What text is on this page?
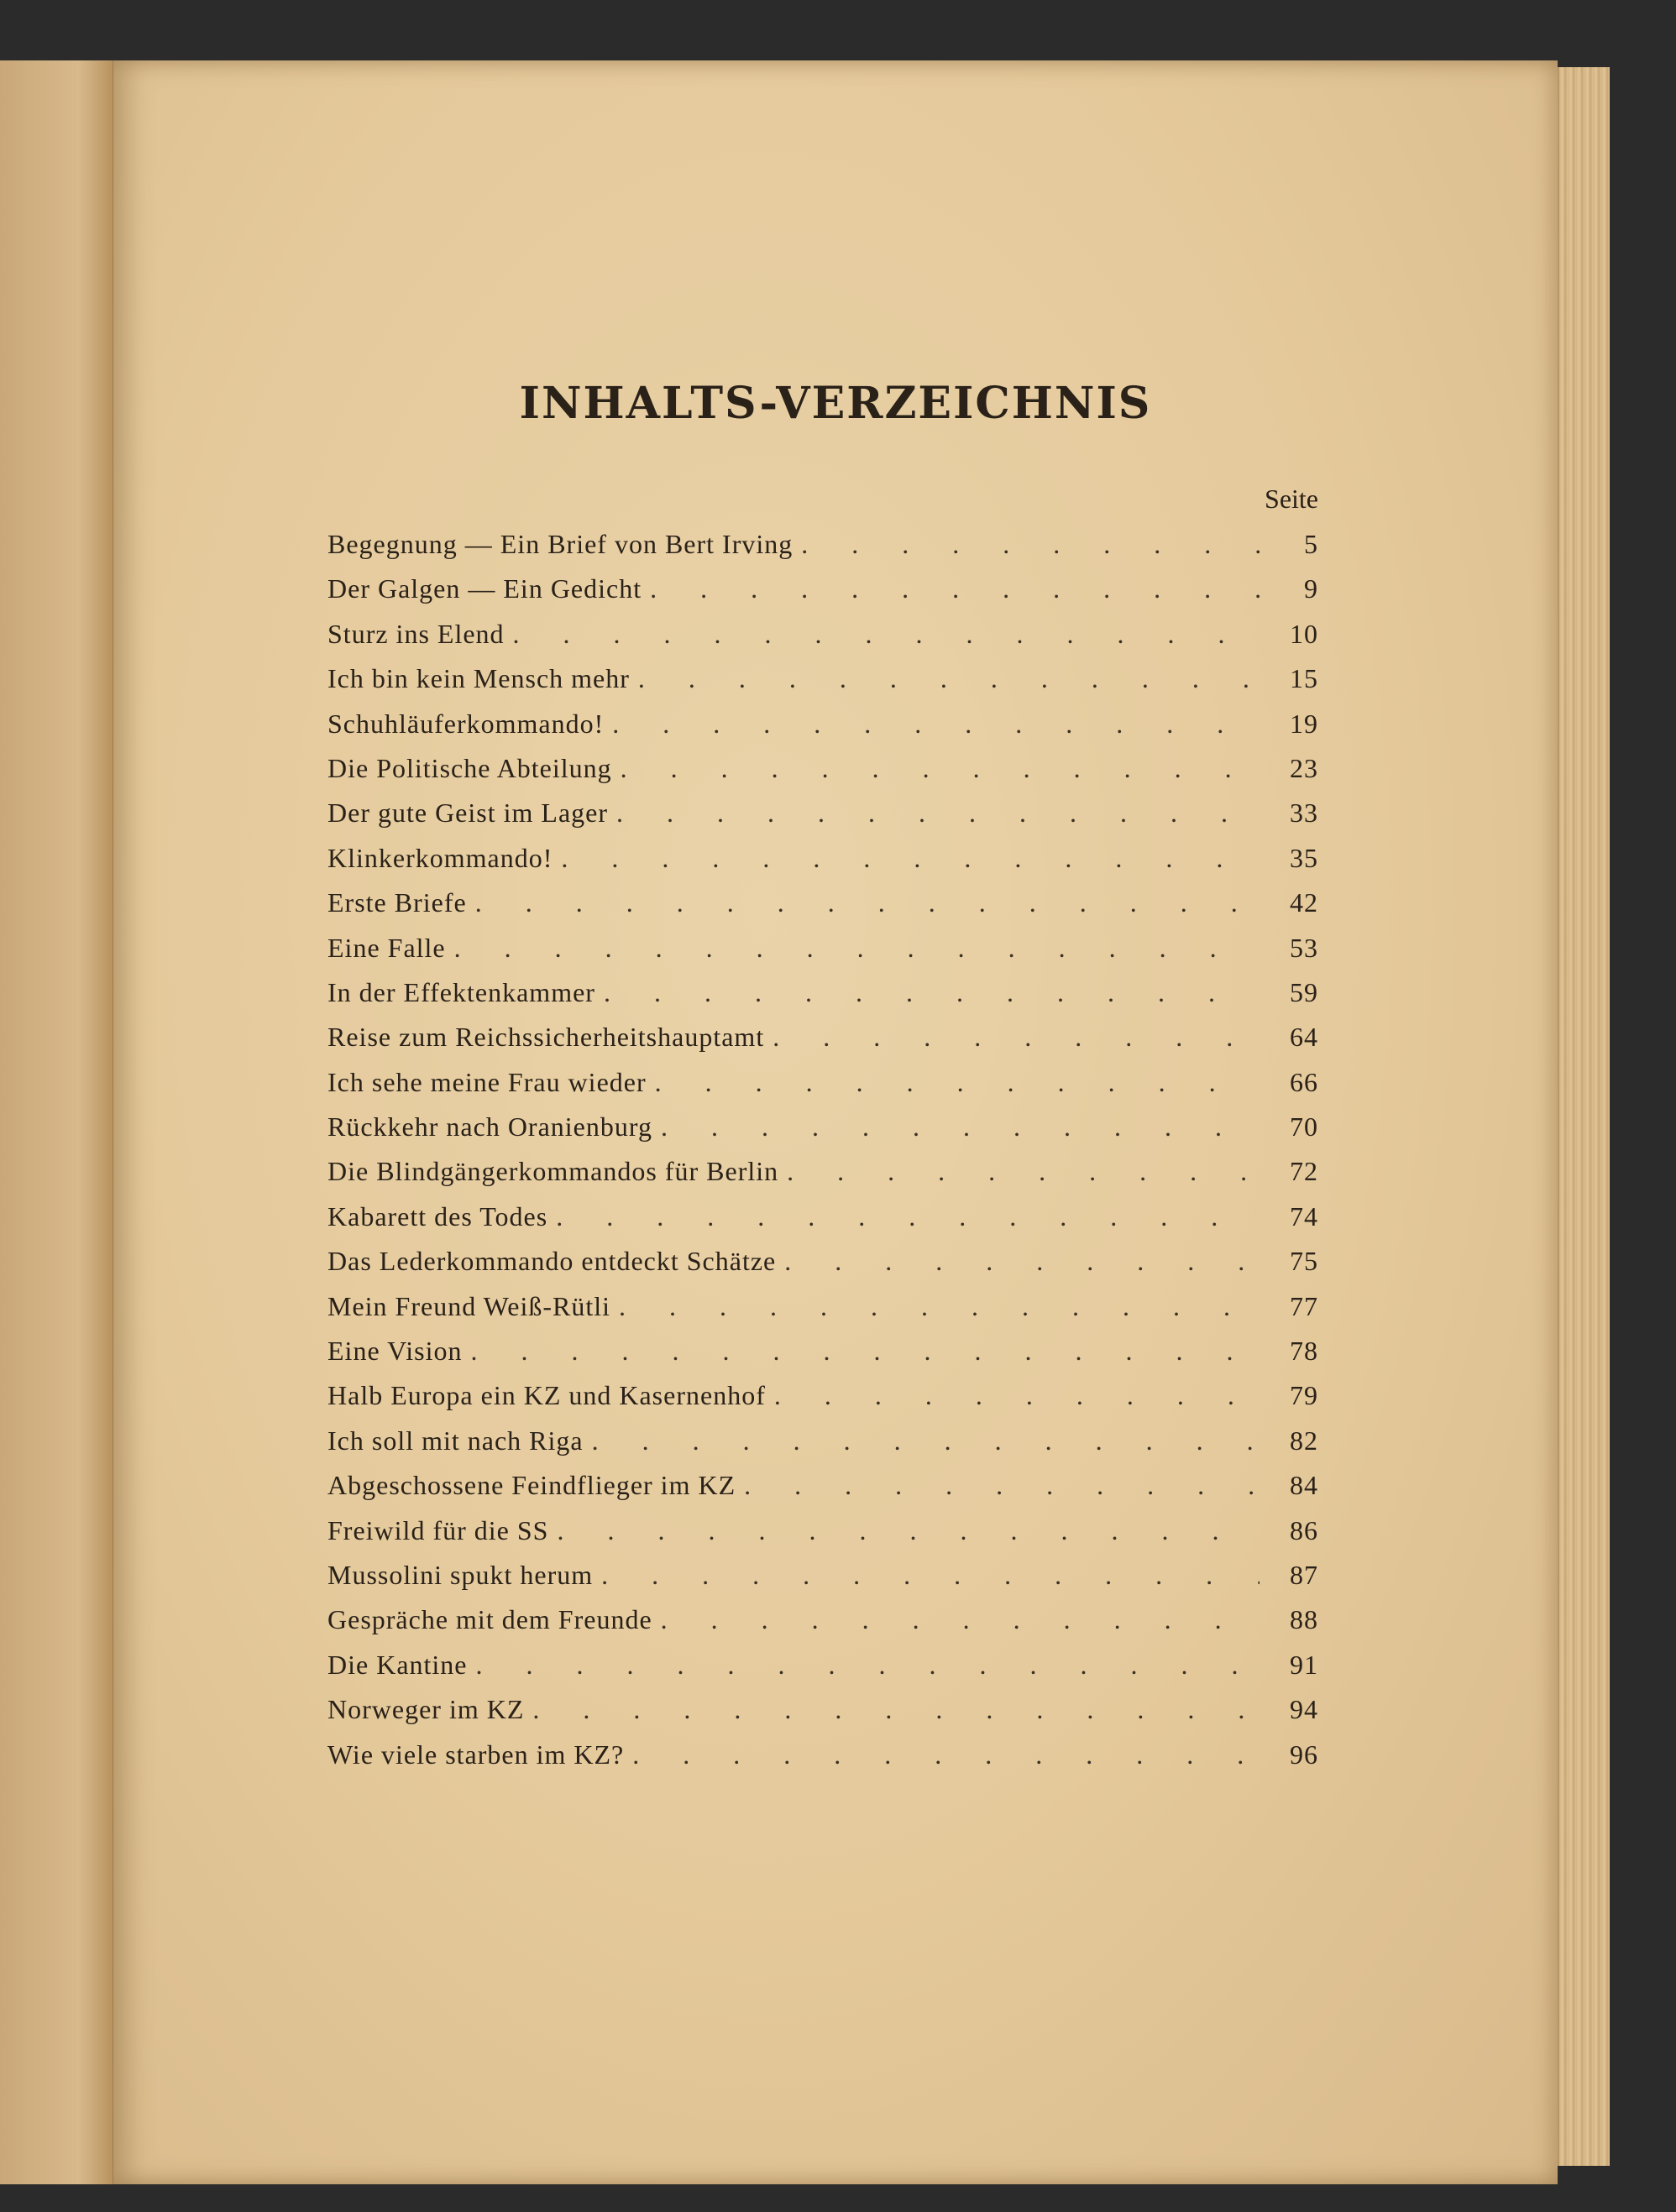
INHALTS-VERZEICHNIS
Seite
Begegnung — Ein Brief von Bert Irving . . .	5
Der Galgen — Ein Gedicht . . .	9
Sturz ins Elend . . .	10
Ich bin kein Mensch mehr . . .	15
Schuhläuferkommando! . . .	19
Die Politische Abteilung . . .	23
Der gute Geist im Lager . . .	33
Klinkerkommando! . . .	35
Erste Briefe . . .	42
Eine Falle . . .	53
In der Effektenkammer . . .	59
Reise zum Reichssicherheitshauptamt . . .	64
Ich sehe meine Frau wieder . . .	66
Rückkehr nach Oranienburg . . .	70
Die Blindgängerkommandos für Berlin . . .	72
Kabarett des Todes . . .	74
Das Lederkommando entdeckt Schätze . . .	75
Mein Freund Weiß-Rütli . . .	77
Eine Vision . . .	78
Halb Europa ein KZ und Kasernenhof . . .	79
Ich soll mit nach Riga . . .	82
Abgeschossene Feindflieger im KZ . . .	84
Freiwild für die SS . . .	86
Mussolini spukt herum . . .	87
Gespräche mit dem Freunde . . .	88
Die Kantine . . .	91
Norweger im KZ . . .	94
Wie viele starben im KZ? . . .	96
